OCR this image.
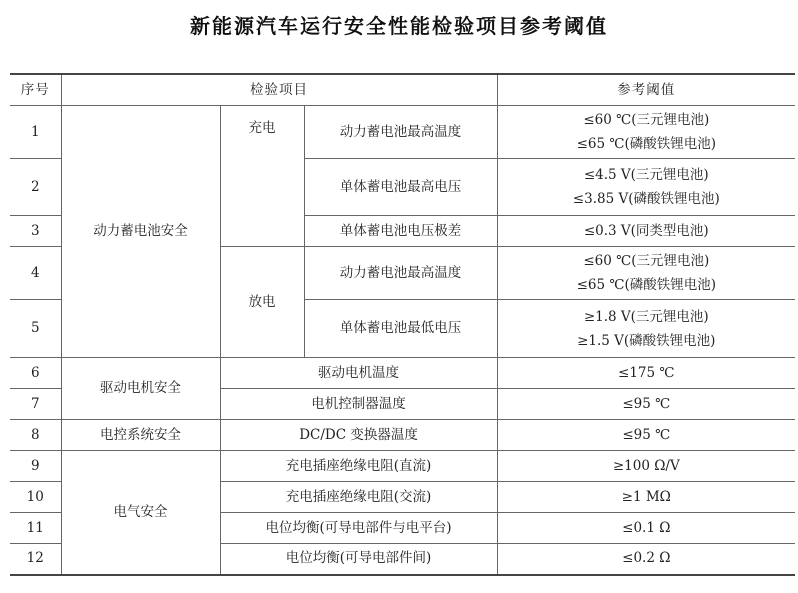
新能源汽车运行安全性能检验项目参考阈值
序号	检验项目			参考阈值
1	动力蓄电池安全	充电	动力蓄电池最高温度	≤60 ℃(三元锂电池)
≤65 ℃(磷酸铁锂电池)

2			单体蓄电池最高电压	≤4.5 V(三元锂电池)
≤3.85 V(磷酸铁锂电池)

3			单体蓄电池电压极差	≤0.3 V(同类型电池)
4		放电	动力蓄电池最高温度	≤60 ℃(三元锂电池)
≤65 ℃(磷酸铁锂电池)

5			单体蓄电池最低电压	≥1.8 V(三元锂电池)
≥1.5 V(磷酸铁锂电池)

6	驱动电机安全	驱动电机温度		≤175 ℃
7		电机控制器温度		≤95 ℃
8	电控系统安全	DC/DC 变换器温度		≤95 ℃
9	电气安全	充电插座绝缘电阻(直流)		≥100 Ω/V
10		充电插座绝缘电阻(交流)		≥1 MΩ
11		电位均衡(可导电部件与电平台)		≤0.1 Ω
12		电位均衡(可导电部件间)		≤0.2 Ω
